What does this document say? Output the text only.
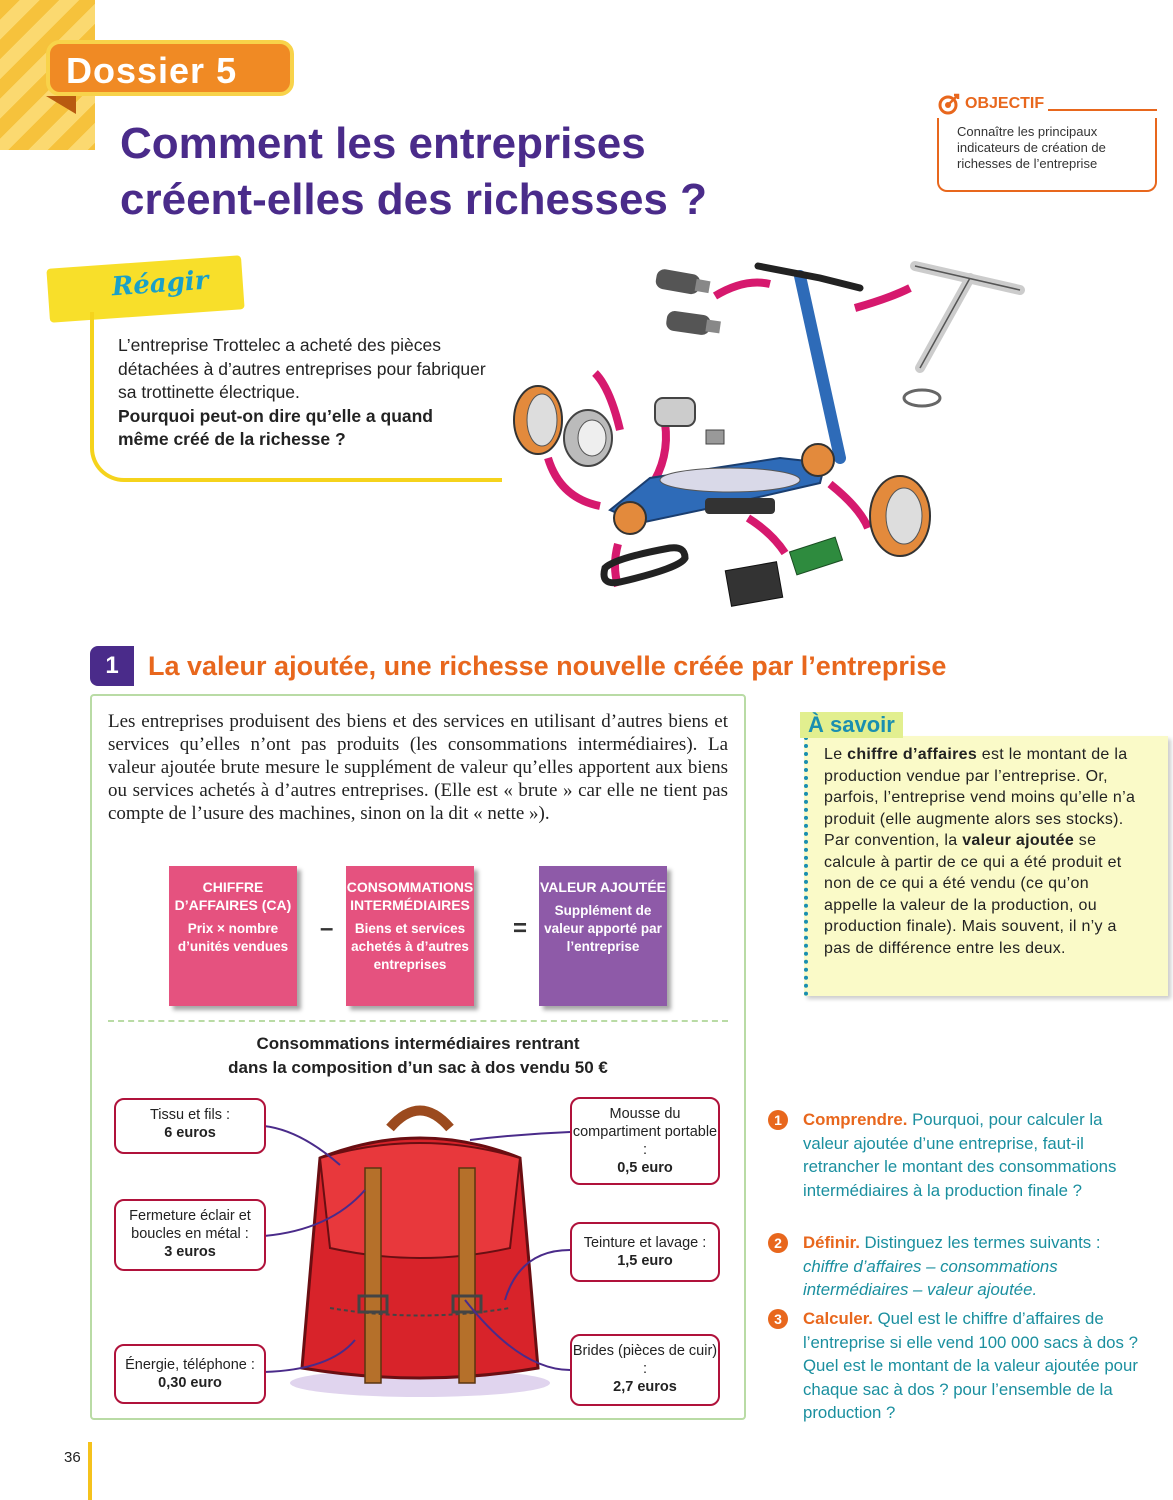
Dossier 5
Comment les entreprises
créent-elles des richesses ?
OBJECTIF
Connaître les principaux indicateurs de création de richesses de l’entreprise
Réagir
L’entreprise Trottelec a acheté des pièces détachées à d’autres entreprises pour fabriquer sa trottinette électrique.
Pourquoi peut-on dire qu’elle a quand même créé de la richesse ?
1	La valeur ajoutée, une richesse nouvelle créée par l’entreprise

Les entreprises produisent des biens et des services en utilisant d’autres biens et services qu’elles n’ont pas produits (les consommations intermédiaires). La valeur ajoutée brute mesure le supplément de valeur qu’elles apportent aux biens ou services achetés à d’autres entreprises. (Elle est « brute » car elle ne tient pas compte de l’usure des machines, sinon on la dit « nette »).

CHIFFRE D’AFFAIRES (CA)
Prix × nombre d’unités vendues
–
CONSOMMATIONS INTERMÉDIAIRES
Biens et services achetés à d’autres entreprises
=
VALEUR AJOUTÉE
Supplément de valeur apporté par l’entreprise
Consommations intermédiaires rentrant
dans la composition d’un sac à dos vendu 50 €
Tissu et fils :
6 euros
Fermeture éclair et boucles en métal :
3 euros
Énergie, téléphone :
0,30 euro
Mousse du compartiment portable :
0,5 euro
Teinture et lavage :
1,5 euro
Brides (pièces de cuir) :
2,7 euros
À savoir
Le chiffre d’affaires est le montant de la production vendue par l’entreprise. Or, parfois, l’entreprise vend moins qu’elle n’a produit (elle augmente alors ses stocks). Par convention, la valeur ajoutée se calcule à partir de ce qui a été produit et non de ce qui a été vendu (ce qu’on appelle la valeur de la production, ou production finale). Mais souvent, il n’y a pas de différence entre les deux.
1	Comprendre. Pourquoi, pour calculer la valeur ajoutée d’une entreprise, faut-il retrancher le montant des consommations intermédiaires à la production finale ?
2	Définir. Distinguez les termes suivants : chiffre d’affaires – consommations intermédiaires – valeur ajoutée.
3	Calculer. Quel est le chiffre d’affaires de l’entreprise si elle vend 100 000 sacs à dos ? Quel est le montant de la valeur ajoutée pour chaque sac à dos ? pour l’ensemble de la production ?
36
